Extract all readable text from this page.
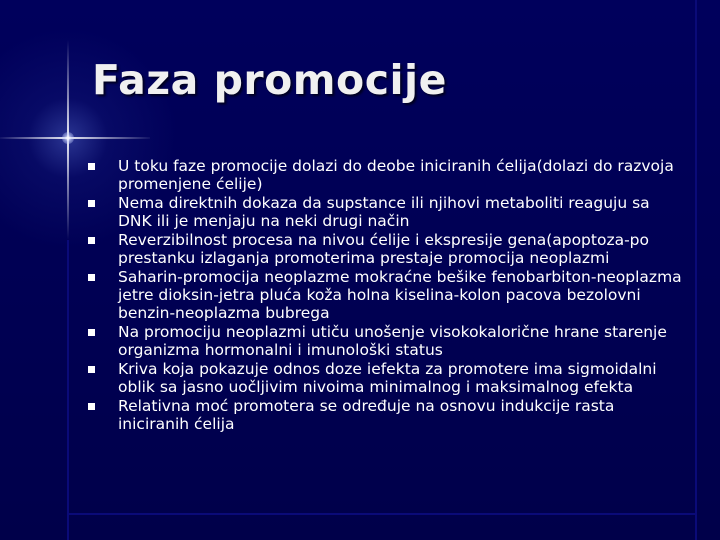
Faza promocije
U toku faze promocije dolazi do deobe iniciranih ćelija(dolazi do razvoja promenjene ćelije)
Nema direktnih dokaza da supstance ili njihovi metaboliti reaguju sa DNK ili je menjaju na neki drugi način
Reverzibilnost procesa na nivou ćelije i ekspresije gena(apoptoza-po prestanku izlaganja promoterima prestaje promocija neoplazmi
Saharin-promocija neoplazme mokraćne bešike fenobarbiton-neoplazma jetre dioksin-jetra pluća koža holna kiselina-kolon pacova bezolovni benzin-neoplazma bubrega
Na promociju neoplazmi utiču unošenje visokokalorične hrane starenje organizma hormonalni i imunološki status
Kriva koja pokazuje odnos doze iefekta za promotere ima sigmoidalni oblik sa jasno uočljivim nivoima minimalnog i maksimalnog efekta
Relativna moć promotera se određuje na osnovu indukcije rasta iniciranih ćelija
